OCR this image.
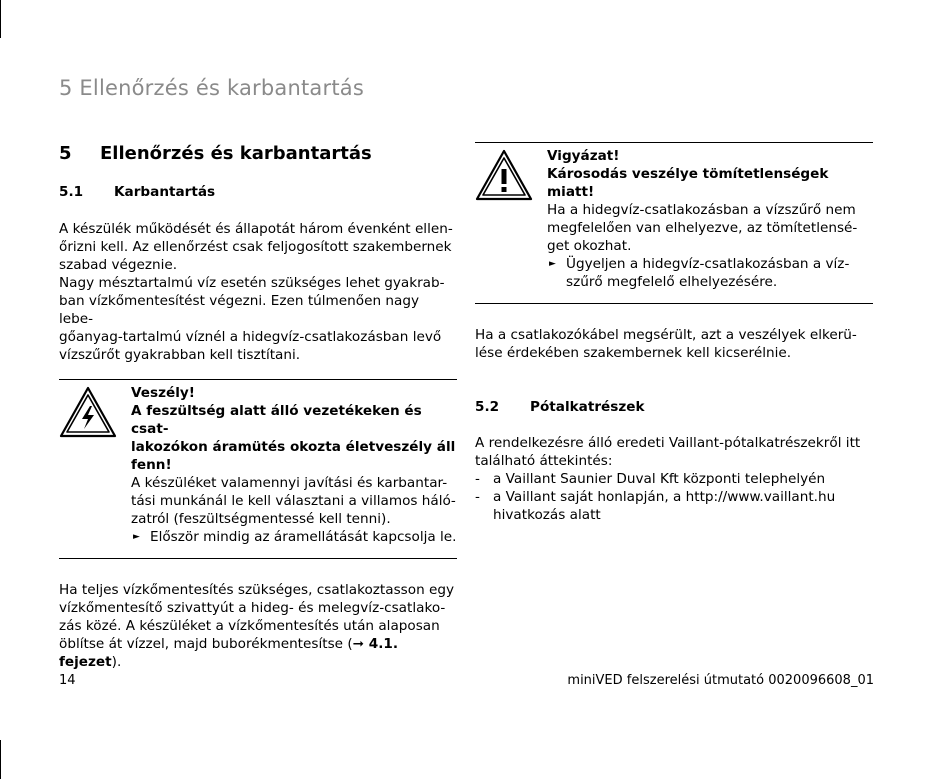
5 Ellenőrzés és karbantartás
5	Ellenőrzés és karbantartás
5.1	Karbantartás

A készülék működését és állapotát három évenként ellen-
őrizni kell. Az ellenőrzést csak feljogosított szakembernek
szabad végeznie.
Nagy mésztartalmú víz esetén szükséges lehet gyakrab-
ban vízkőmentesítést végezni. Ezen túlmenően nagy lebe-
gőanyag-tartalmú víznél a hidegvíz-csatlakozásban levő
vízszűrőt gyakrabban kell tisztítani.

Veszély!
A feszültség alatt álló vezetékeken és csat-
lakozókon áramütés okozta életveszély áll
fenn!
A készüléket valamennyi javítási és karbantar-
tási munkánál le kell választani a villamos hálό-
zatról (feszültségmentessé kell tenni).
► Először mindig az áramellátását kapcsolja le.

Ha teljes vízkőmentesítés szükséges, csatlakoztasson egy
vízkőmentesítő szivattyút a hideg- és melegvíz-csatlako-
zás közé. A készüléket a vízkőmentesítés után alaposan
öblítse át vízzel, majd buborékmentesítse (➞ 4.1. fejezet).

Vigyázat!
Károsodás veszélye tömítetlenségek miatt!
Ha a hidegvíz-csatlakozásban a vízszűrő nem
megfelelően van elhelyezve, az tömítetlensé-
get okozhat.
► Ügyeljen a hidegvíz-csatlakozásban a víz-
szűrő megfelelő elhelyezésére.

Ha a csatlakozókábel megsérült, azt a veszélyek elkerü-
lése érdekében szakembernek kell kicserélnie.

5.2	Pótalkatrészek

A rendelkezésre álló eredeti Vaillant-pótalkatrészekről itt
található áttekintés:

- a Vaillant Saunier Duval Kft központi telephelyén
- a Vaillant saját honlapján, a http://www.vaillant.hu
hivatkozás alatt
14	miniVED felszerelési útmutató 0020096608_01
